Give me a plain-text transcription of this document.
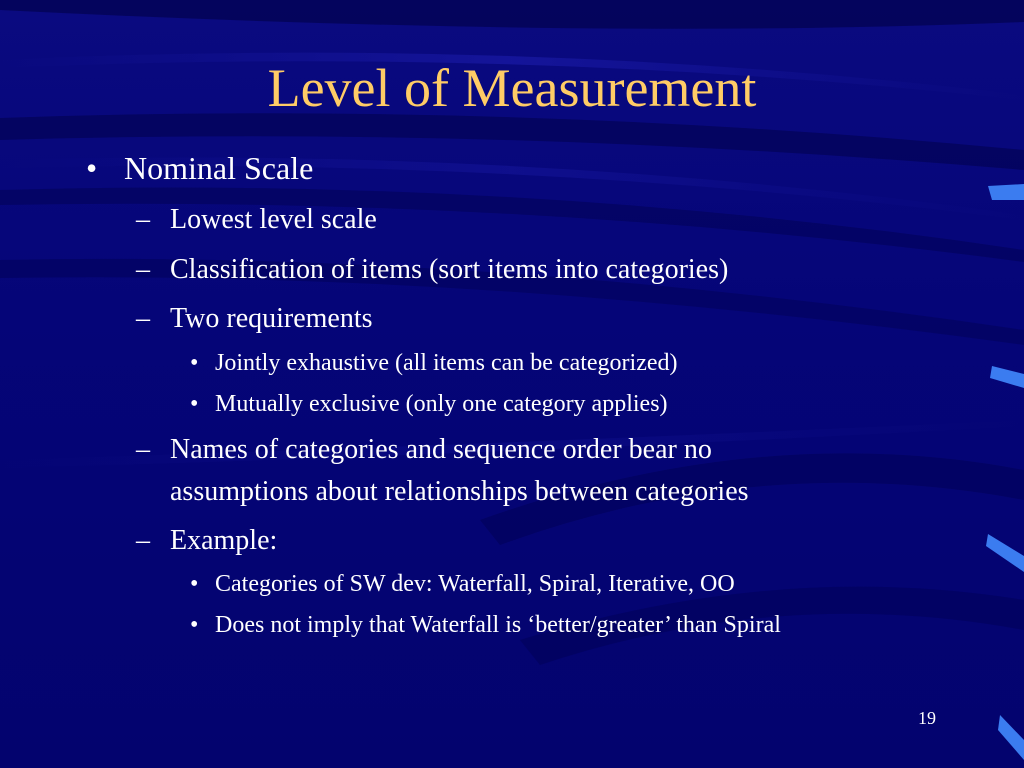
Level of Measurement
• Nominal Scale
– Lowest level scale
– Classification of items (sort items into categories)
– Two requirements
• Jointly exhaustive (all items can be categorized)
• Mutually exclusive (only one category applies)
– Names of categories and sequence order bear no
assumptions about relationships between categories
– Example:
• Categories of SW dev: Waterfall, Spiral, Iterative, OO
• Does not imply that Waterfall is ‘better/greater’ than Spiral
19
